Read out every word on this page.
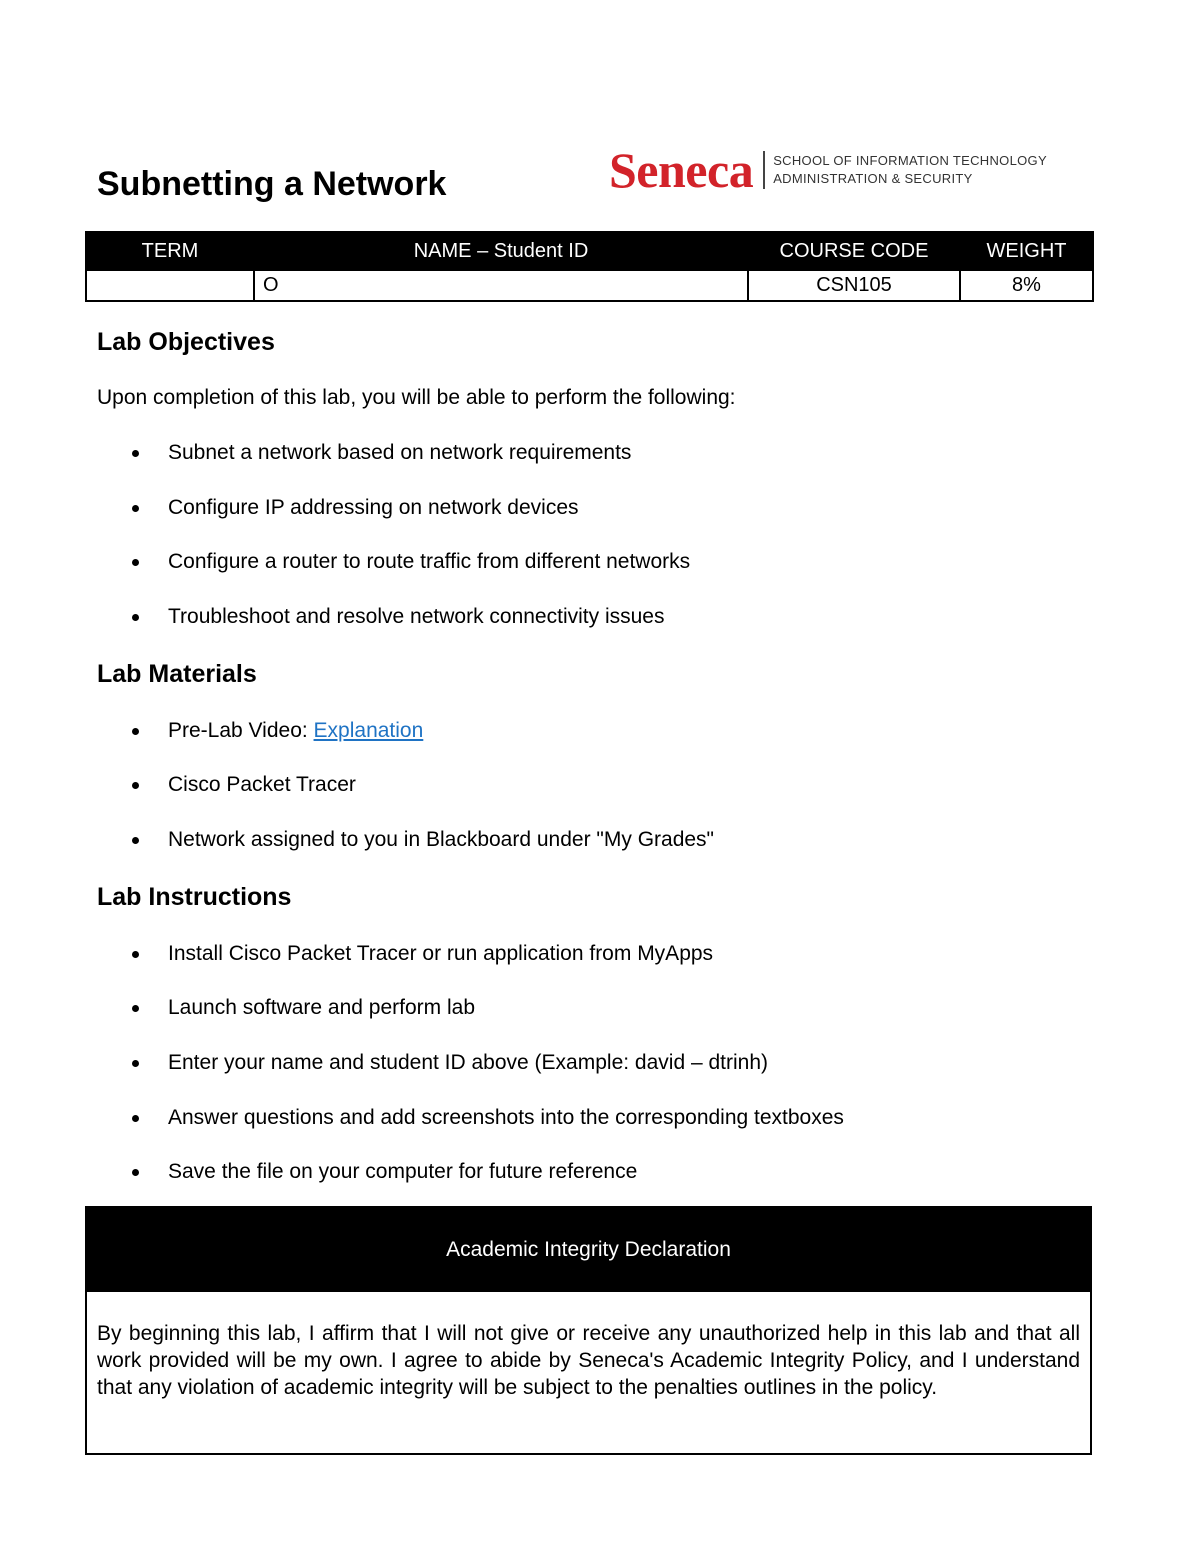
Subnetting a Network	Seneca SCHOOL OF INFORMATION TECHNOLOGY
ADMINISTRATION & SECURITY
TERM	NAME – Student ID	COURSE CODE	WEIGHT
	O	CSN105	8%
Lab Objectives

Upon completion of this lab, you will be able to perform the following:

Subnet a network based on network requirements
Configure IP addressing on network devices
Configure a router to route traffic from different networks
Troubleshoot and resolve network connectivity issues
Lab Materials
Pre-Lab Video: Explanation
Cisco Packet Tracer
Network assigned to you in Blackboard under "My Grades"
Lab Instructions
Install Cisco Packet Tracer or run application from MyApps
Launch software and perform lab
Enter your name and student ID above (Example: david – dtrinh)
Answer questions and add screenshots into the corresponding textboxes
Save the file on your computer for future reference
Academic Integrity Declaration
By beginning this lab, I affirm that I will not give or receive any unauthorized help in this lab and that all work provided will be my own. I agree to abide by Seneca's Academic Integrity Policy, and I understand that any violation of academic integrity will be subject to the penalties outlines in the policy.
